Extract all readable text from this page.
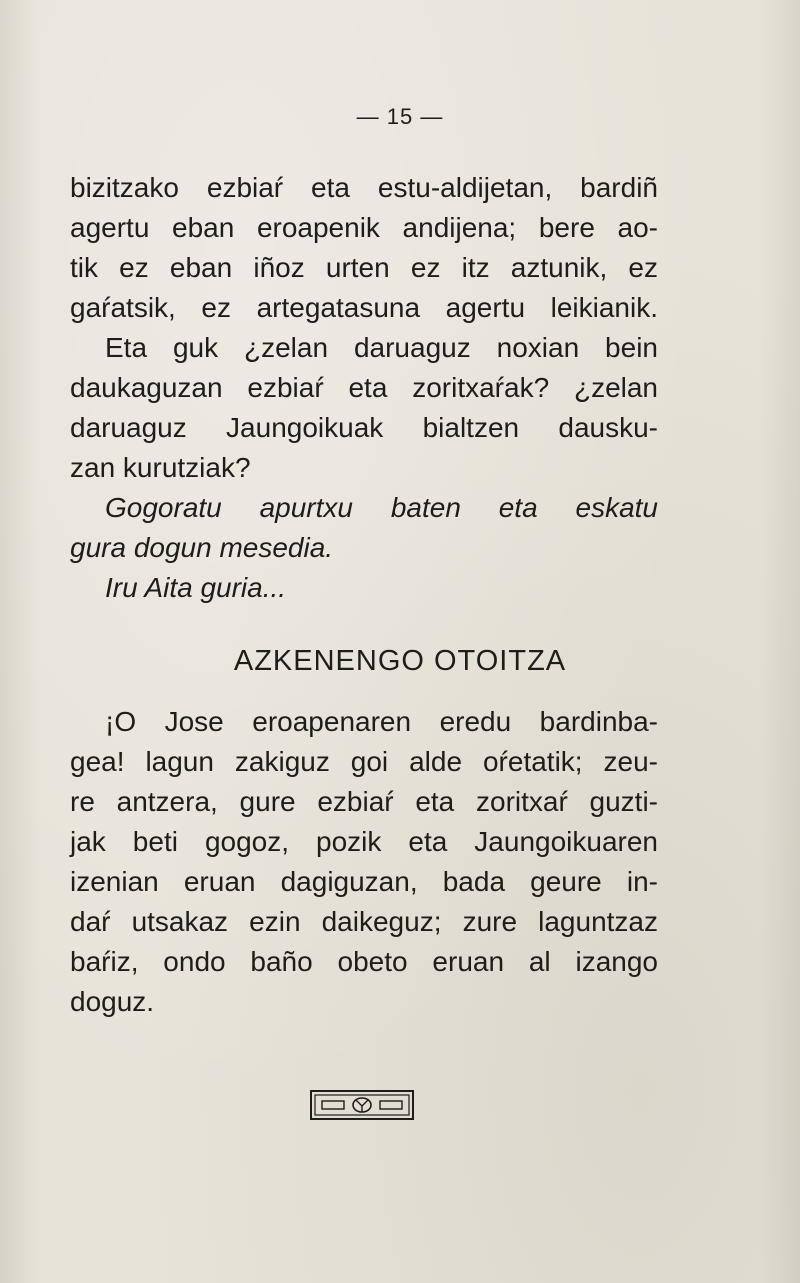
— 15 —
bizitzako ezbiaŕ eta estu-aldijetan, bardiñ
agertu eban eroapenik andijena; bere ao-
tik ez eban iñoz urten ez itz aztunik, ez
gaŕatsik, ez artegatasuna agertu leikianik.
Eta guk ¿zelan daruaguz noxian bein
daukaguzan ezbiaŕ eta zoritxaŕak? ¿zelan
daruaguz Jaungoikuak bialtzen dausku-
zan kurutziak?
Gogoratu apurtxu baten eta eskatu
gura dogun mesedia.
Iru Aita guria...
AZKENENGO OTOITZA
¡O Jose eroapenaren eredu bardinba-
gea! lagun zakiguz goi alde oŕetatik; zeu-
re antzera, gure ezbiaŕ eta zoritxaŕ guzti-
jak beti gogoz, pozik eta Jaungoikuaren
izenian eruan dagiguzan, bada geure in-
daŕ utsakaz ezin daikeguz; zure laguntzaz
baŕiz, ondo baño obeto eruan al izango
doguz.
